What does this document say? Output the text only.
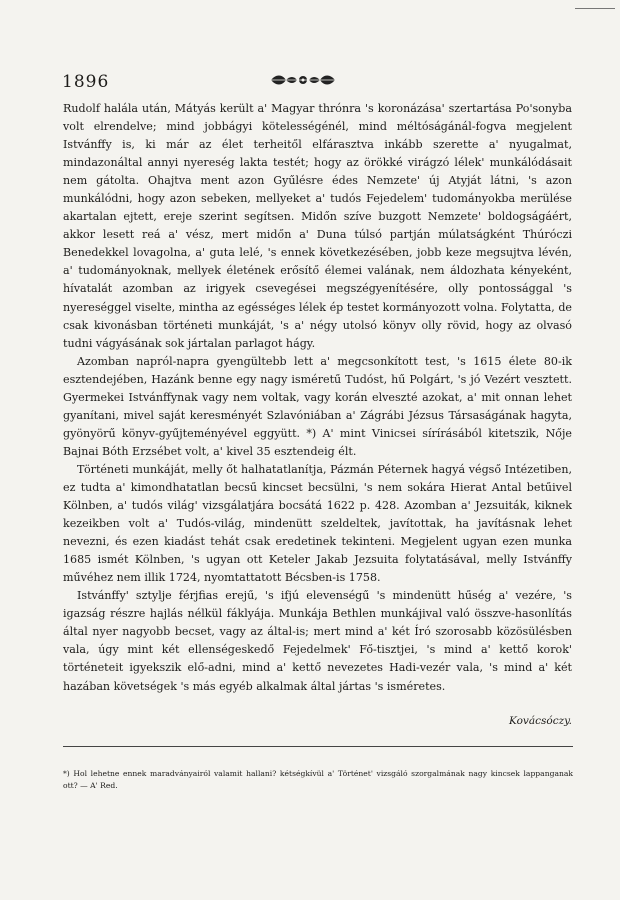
1896

Rudolf halála után, Mátyás került a' Magyar thrónra 's koronázása' szertartása Po'sonyba volt elrendelve; mind jobbágyi kötelességénél, mind méltóságánál-fogva megjelent Istvánffy is, ki már az élet terheitől elfárasztva inkább szerette a' nyugalmat, mindazonáltal annyi nyereség lakta testét; hogy az örökké virágzó lélek' munkálódásait nem gátolta. Ohajtva ment azon Gyűlésre édes Nemzete' új Atyját látni, 's azon munkálódni, hogy azon sebeken, mellyeket a' tudós Fejedelem' tudományokba merülése akartalan ejtett, ereje szerint segítsen. Midőn szíve buzgott Nemzete' boldogságáért, akkor lesett reá a' vész, mert midőn a' Duna túlsó partján múlatságként Thúróczi Benedekkel lovagolna, a' guta lelé, 's ennek következésében, jobb keze megsujtva lévén, a' tudományoknak, mellyek életének erősítő élemei valának, nem áldozhata kényeként, hívatalát azomban az irigyek csevegései megszégyenítésére, olly pontossággal 's nyereséggel viselte, mintha az egésséges lélek ép testet kormányozott volna. Folytatta, de csak kivonásban történeti munkáját, 's a' négy utolsó könyv olly rövid, hogy az olvasó tudni vágyásának sok jártalan parlagot hágy.

Azomban napról-napra gyengültebb lett a' megcsonkított test, 's 1615 élete 80-ik esztendejében, Hazánk benne egy nagy isméretű Tudóst, hű Polgárt, 's jó Vezért vesztett. Gyermekei Istvánffynak vagy nem voltak, vagy korán elveszté azokat, a' mit onnan lehet gyanítani, mivel saját keresményét Szlavóniában a' Zágrábi Jézsus Társaságának hagyta, gyönyörű könyv-gyűjteményével eggyütt. *) A' mint Vinicsei sírírásából kitetszik, Nője Bajnai Bóth Erzsébet volt, a' kivel 35 esztendeig élt.

Történeti munkáját, melly őt halhatatlanítja, Pázmán Péternek hagyá végső Intézetiben, ez tudta a' kimondhatatlan becsű kincset becsülni, 's nem sokára Hierat Antal betűivel Kölnben, a' tudós világ' vizsgálatjára bocsátá 1622 p. 428. Azomban a' Jezsuiták, kiknek kezeikben volt a' Tudós-világ, mindenütt szeldeltek, javítottak, ha javításnak lehet nevezni, és ezen kiadást tehát csak eredetinek tekinteni. Megjelent ugyan ezen munka 1685 ismét Kölnben, 's ugyan ott Keteler Jakab Jezsuita folytatásával, melly Istvánffy művéhez nem illik 1724, nyomtattatott Bécsben-is 1758.

Istvánffy' sztylje férjfias erejű, 's ifjú elevenségű 's mindenütt hűség a' vezére, 's igazság részre hajlás nélkül fáklyája. Munkája Bethlen munkájival való összve-hasonlítás által nyer nagyobb becset, vagy az által-is; mert mind a' két Író szorosabb közösülésben vala, úgy mint két ellenségeskedő Fejedelmek' Fő-tisztjei, 's mind a' kettő korok' történeteit igyekszik elő-adni, mind a' kettő nevezetes Hadi-vezér vala, 's mind a' két hazában követségek 's más egyéb alkalmak által jártas 's isméretes.

Kovácsóczy.
*) Hol lehetne ennek maradványairól valamit hallani? kétségkívül a' Történet' vizsgáló szorgalmának nagy kincsek lappanganak ott? — A' Red.
